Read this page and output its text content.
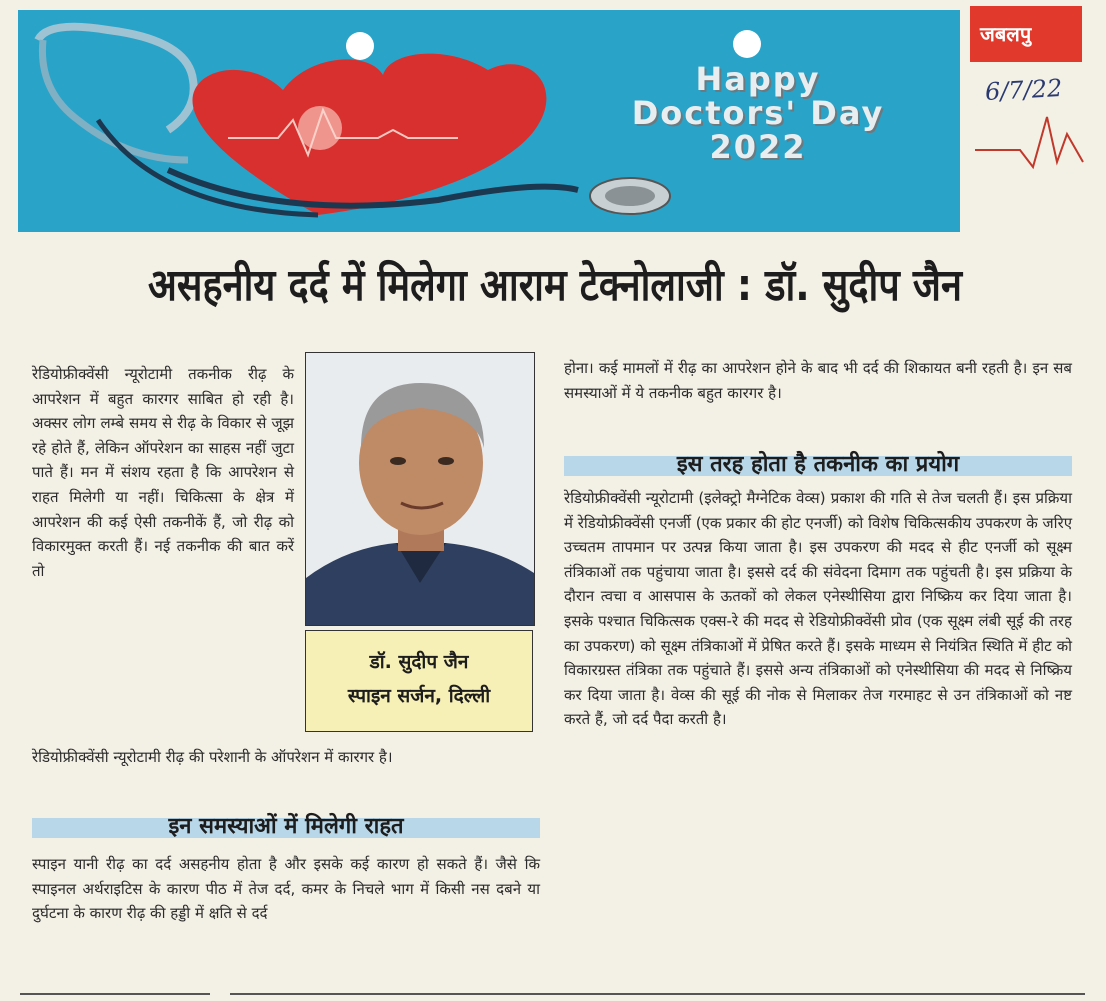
Happy
Doctors' Day
2022
जबलपु
6/7/22
असहनीय दर्द में मिलेगा आराम टेक्नोलाजी : डॉ. सुदीप जैन
रेडियोफ्रीक्वेंसी न्यूरोटामी तकनीक रीढ़ के आपरेशन में बहुत कारगर साबित हो रही है। अक्सर लोग लम्बे समय से रीढ़ के विकार से जूझ रहे होते हैं, लेकिन ऑपरेशन का साहस नहीं जुटा पाते हैं। मन में संशय रहता है कि आपरेशन से राहत मिलेगी या नहीं। चिकित्सा के क्षेत्र में आपरेशन की कई ऐसी तकनीकें हैं, जो रीढ़ को विकारमुक्त करती हैं। नई तकनीक की बात करें तो
डॉ. सुदीप जैन
स्पाइन सर्जन, दिल्ली
रेडियोफ्रीक्वेंसी न्यूरोटामी रीढ़ की परेशानी के ऑपरेशन में कारगर है।
इन समस्याओं में मिलेगी राहत
स्पाइन यानी रीढ़ का दर्द असहनीय होता है और इसके कई कारण हो सकते हैं। जैसे कि स्पाइनल अर्थराइटिस के कारण पीठ में तेज दर्द, कमर के निचले भाग में किसी नस दबने या दुर्घटना के कारण रीढ़ की हड्डी में क्षति से दर्द
होना। कई मामलों में रीढ़ का आपरेशन होने के बाद भी दर्द की शिकायत बनी रहती है। इन सब समस्याओं में ये तकनीक बहुत कारगर है।
इस तरह होता है तकनीक का प्रयोग
रेडियोफ्रीक्वेंसी न्यूरोटामी (इलेक्ट्रो मैग्नेटिक वेव्स) प्रकाश की गति से तेज चलती हैं। इस प्रक्रिया में रेडियोफ्रीक्वेंसी एनर्जी (एक प्रकार की होट एनर्जी) को विशेष चिकित्सकीय उपकरण के जरिए उच्चतम तापमान पर उत्पन्न किया जाता है। इस उपकरण की मदद से हीट एनर्जी को सूक्ष्म तंत्रिकाओं तक पहुंचाया जाता है। इससे दर्द की संवेदना दिमाग तक पहुंचती है। इस प्रक्रिया के दौरान त्वचा व आसपास के ऊतकों को लेकल एनेस्थीसिया द्वारा निष्क्रिय कर दिया जाता है। इसके पश्चात चिकित्सक एक्स-रे की मदद से रेडियोफ्रीक्वेंसी प्रोव (एक सूक्ष्म लंबी सूई की तरह का उपकरण) को सूक्ष्म तंत्रिकाओं में प्रेषित करते हैं। इसके माध्यम से नियंत्रित स्थिति में हीट को विकारग्रस्त तंत्रिका तक पहुंचाते हैं। इससे अन्य तंत्रिकाओं को एनेस्थीसिया की मदद से निष्क्रिय कर दिया जाता है। वेव्स की सूई की नोक से मिलाकर तेज गरमाहट से उन तंत्रिकाओं को नष्ट करते हैं, जो दर्द पैदा करती है।
